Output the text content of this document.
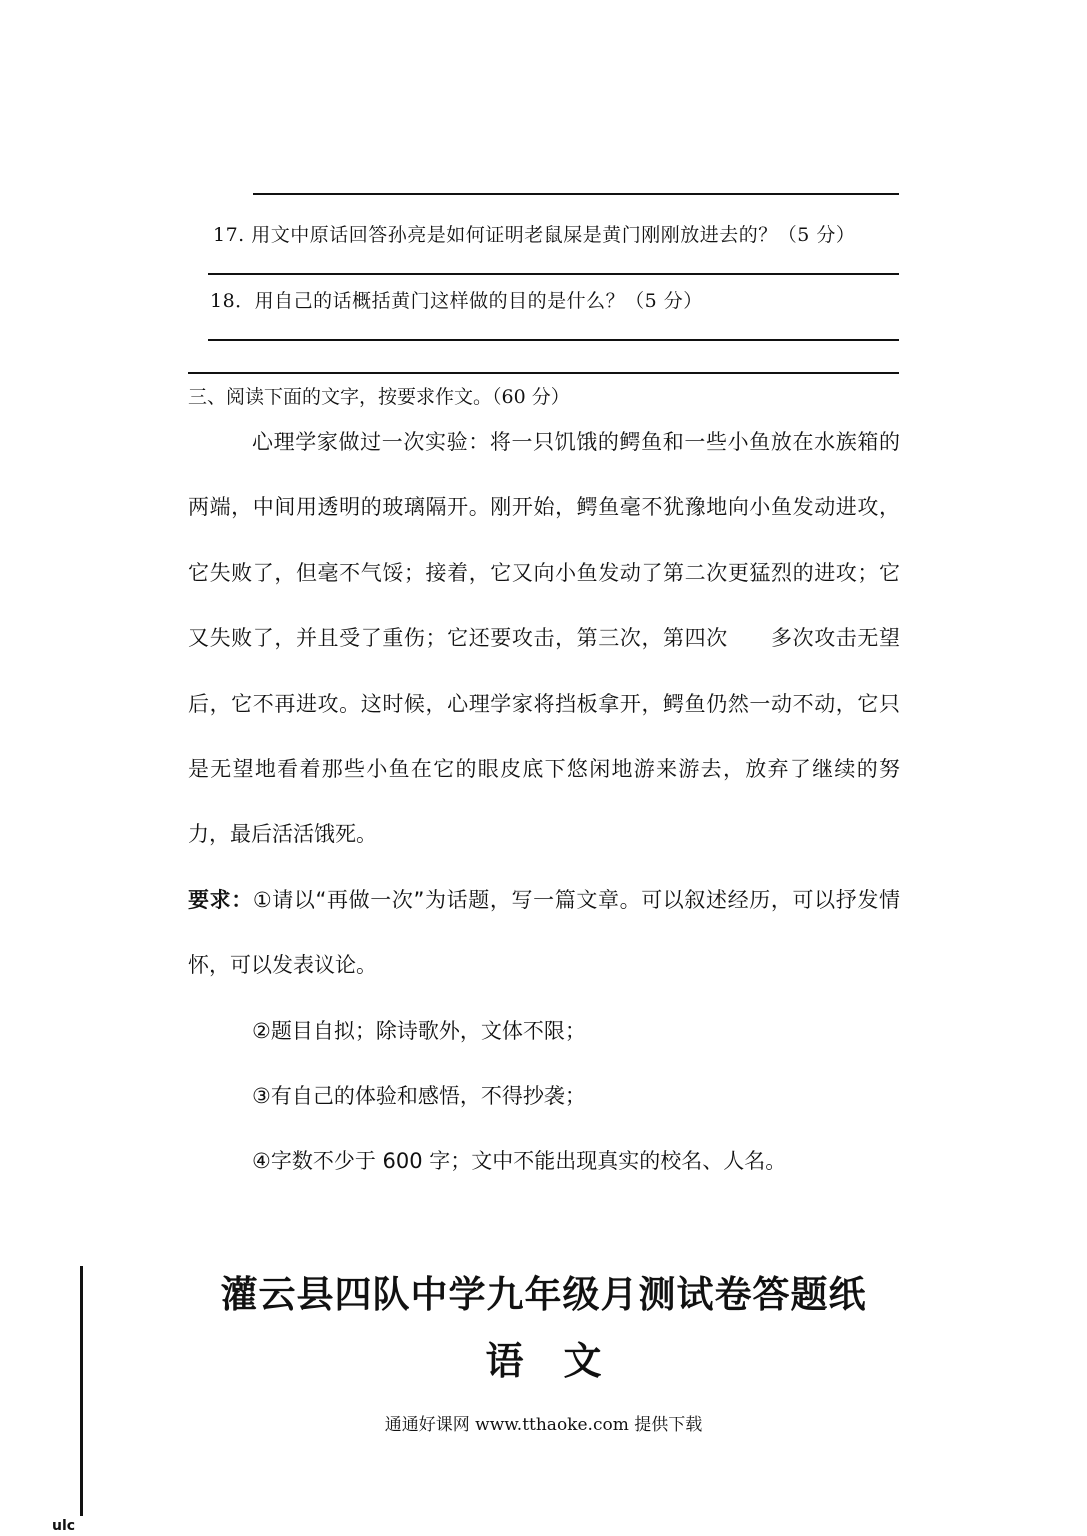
17. 用文中原话回答孙亮是如何证明老鼠屎是黄门刚刚放进去的？（5 分）
18．用自己的话概括黄门这样做的目的是什么？（5 分）
三、阅读下面的文字，按要求作文。（60 分）

心理学家做过一次实验：将一只饥饿的鳄鱼和一些小鱼放在水族箱的两端，中间用透明的玻璃隔开。刚开始，鳄鱼毫不犹豫地向小鱼发动进攻，它失败了，但毫不气馁；接着，它又向小鱼发动了第二次更猛烈的进攻；它又失败了，并且受了重伤；它还要攻击，第三次，第四次　　多次攻击无望后，它不再进攻。这时候，心理学家将挡板拿开，鳄鱼仍然一动不动，它只是无望地看着那些小鱼在它的眼皮底下悠闲地游来游去，放弃了继续的努力，最后活活饿死。

要求：①请以“再做一次”为话题，写一篇文章。可以叙述经历，可以抒发情怀，可以发表议论。

②题目自拟；除诗歌外，文体不限；

③有自己的体验和感悟，不得抄袭；

④字数不少于 600 字；文中不能出现真实的校名、人名。

ulc
灌云县四队中学九年级月测试卷答题纸
语文
通通好课网 www.tthaoke.com 提供下载
